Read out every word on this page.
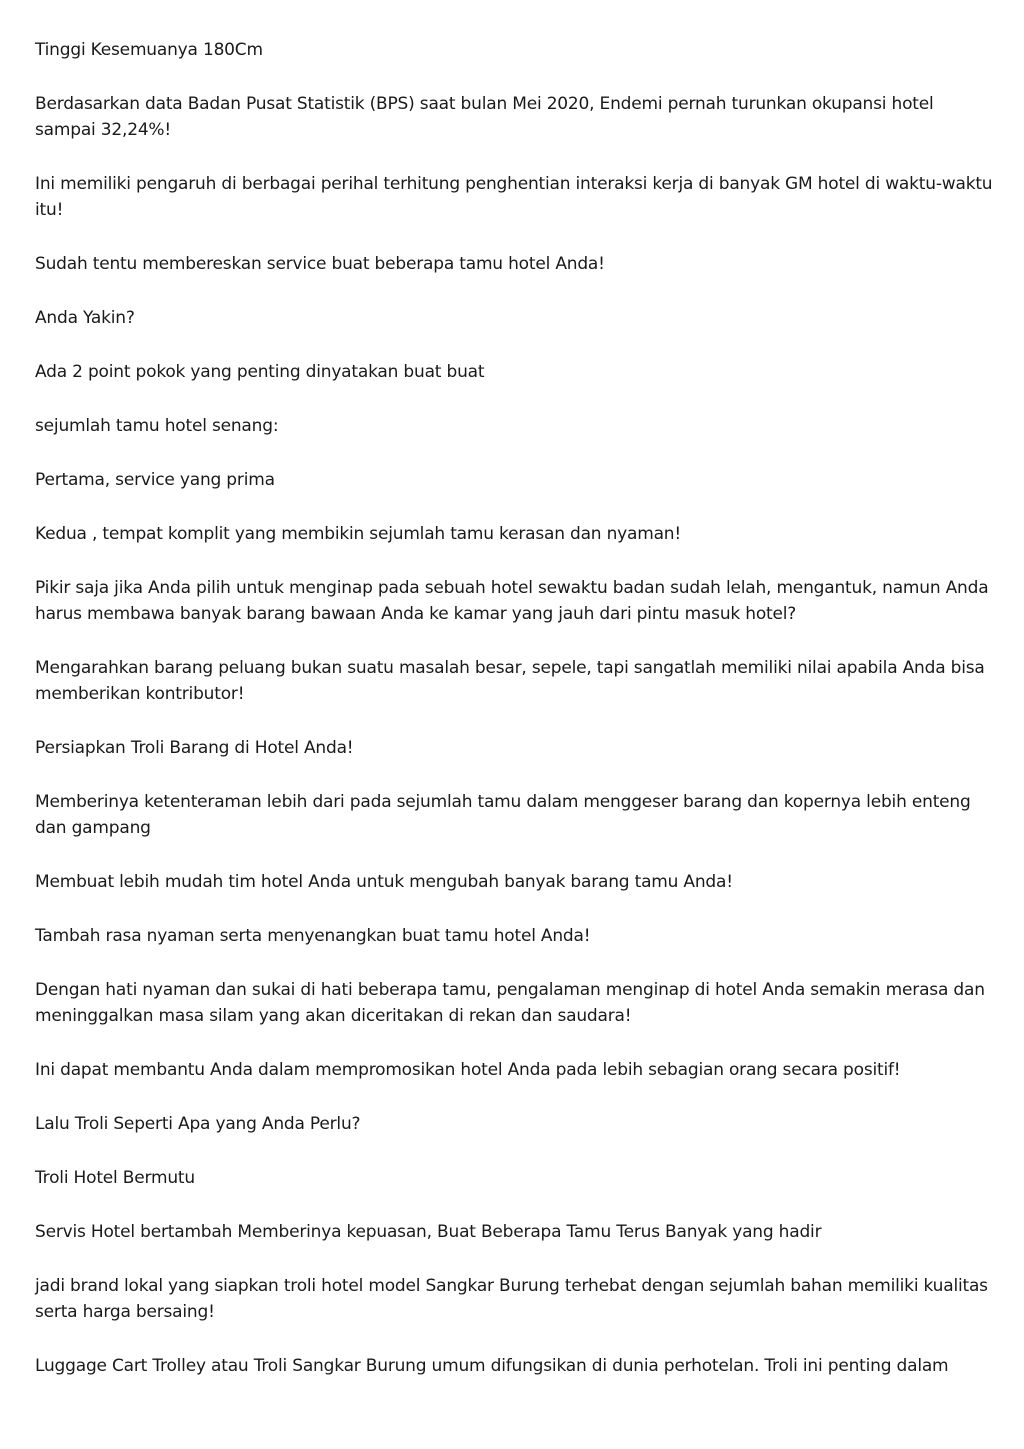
Tinggi Kesemuanya 180Cm

Berdasarkan data Badan Pusat Statistik (BPS) saat bulan Mei 2020, Endemi pernah turunkan okupansi hotel sampai 32,24%!

Ini memiliki pengaruh di berbagai perihal terhitung penghentian interaksi kerja di banyak GM hotel di waktu-waktu itu!

Sudah tentu membereskan service buat beberapa tamu hotel Anda!

Anda Yakin?

Ada 2 point pokok yang penting dinyatakan buat buat

sejumlah tamu hotel senang:

Pertama, service yang prima

Kedua , tempat komplit yang membikin sejumlah tamu kerasan dan nyaman!

Pikir saja jika Anda pilih untuk menginap pada sebuah hotel sewaktu badan sudah lelah, mengantuk, namun Anda harus membawa banyak barang bawaan Anda ke kamar yang jauh dari pintu masuk hotel?

Mengarahkan barang peluang bukan suatu masalah besar, sepele, tapi sangatlah memiliki nilai apabila Anda bisa memberikan kontributor!

Persiapkan Troli Barang di Hotel Anda!

Memberinya ketenteraman lebih dari pada sejumlah tamu dalam menggeser barang dan kopernya lebih enteng dan gampang

Membuat lebih mudah tim hotel Anda untuk mengubah banyak barang tamu Anda!

Tambah rasa nyaman serta menyenangkan buat tamu hotel Anda!

Dengan hati nyaman dan sukai di hati beberapa tamu, pengalaman menginap di hotel Anda semakin merasa dan meninggalkan masa silam yang akan diceritakan di rekan dan saudara!

Ini dapat membantu Anda dalam mempromosikan hotel Anda pada lebih sebagian orang secara positif!

Lalu Troli Seperti Apa yang Anda Perlu?

Troli Hotel Bermutu

Servis Hotel bertambah Memberinya kepuasan, Buat Beberapa Tamu Terus Banyak yang hadir

jadi brand lokal yang siapkan troli hotel model Sangkar Burung terhebat dengan sejumlah bahan memiliki kualitas serta harga bersaing!

Luggage Cart Trolley atau Troli Sangkar Burung umum difungsikan di dunia perhotelan. Troli ini penting dalam
